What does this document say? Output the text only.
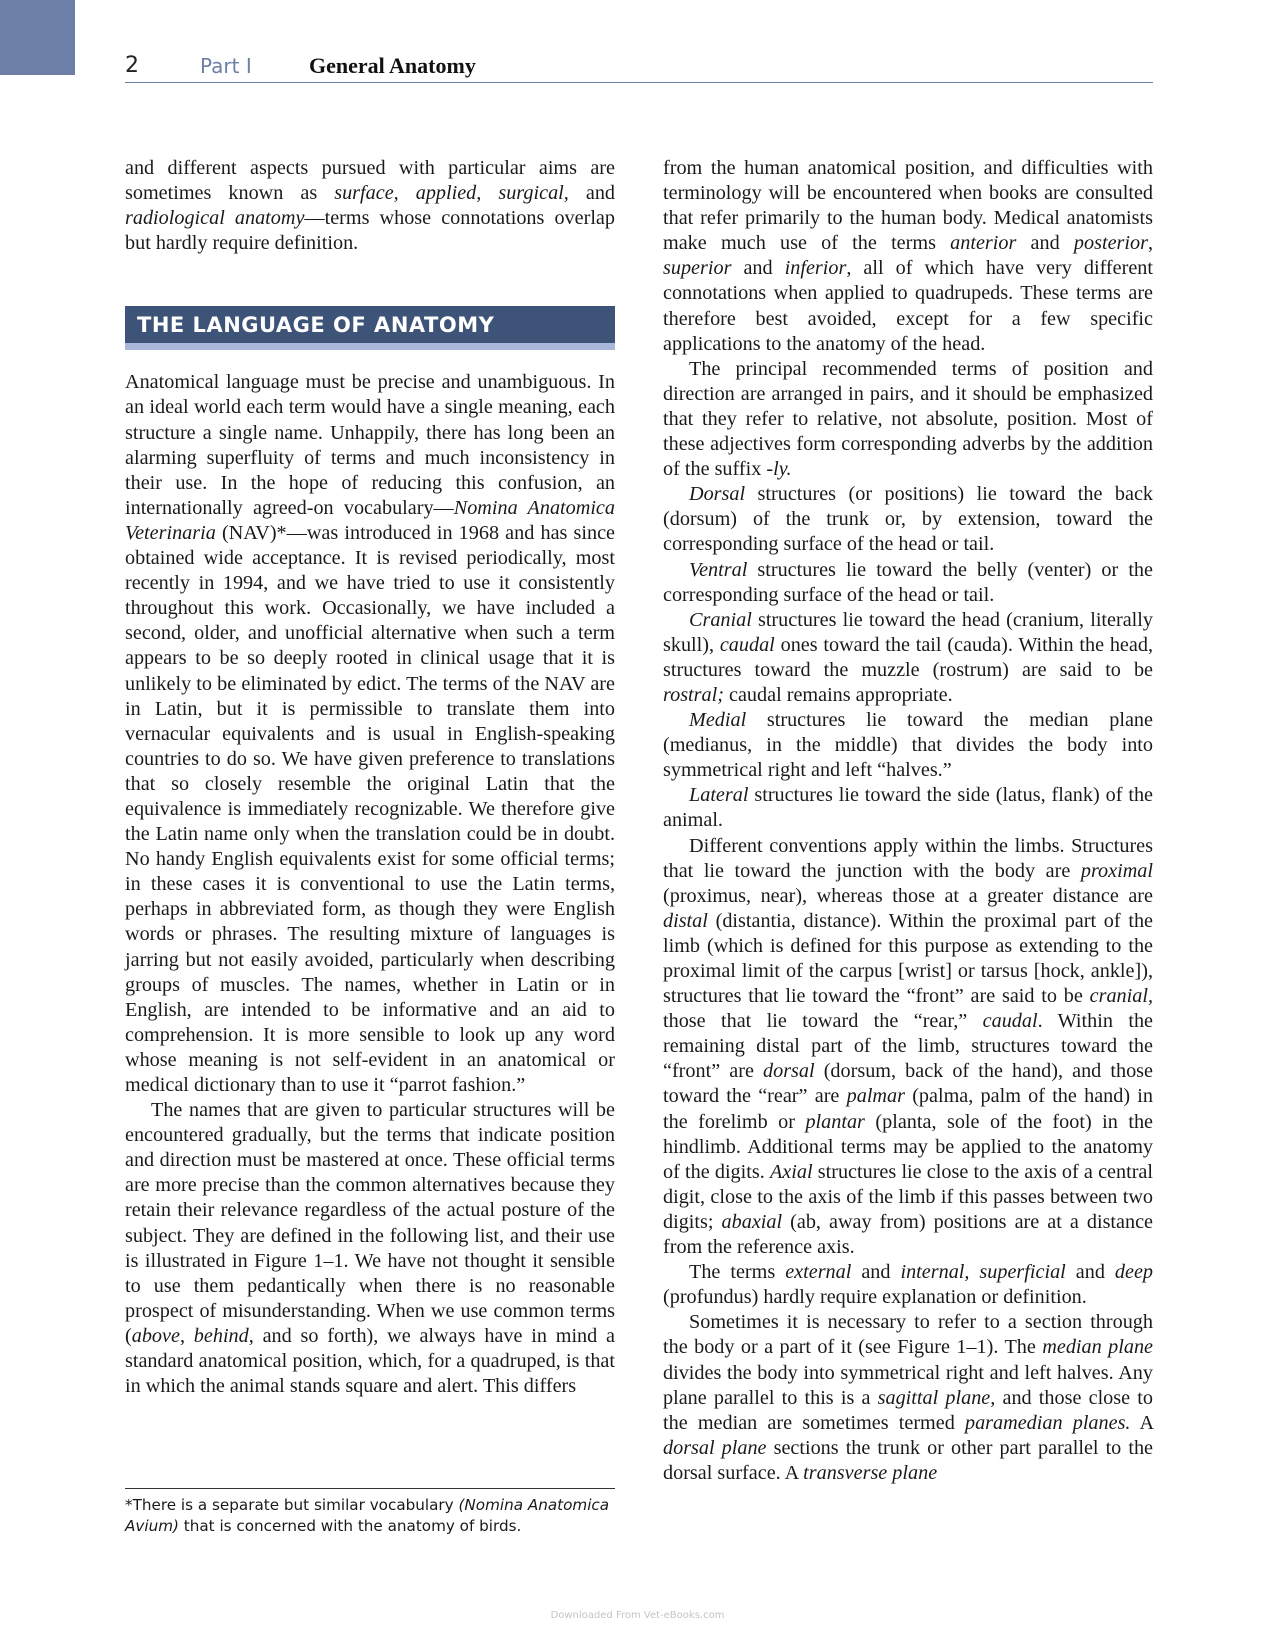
2	Part I	General Anatomy

and different aspects pursued with particular aims are sometimes known as surface, applied, surgical, and radiological anatomy—terms whose connotations overlap but hardly require definition.

THE LANGUAGE OF ANATOMY

Anatomical language must be precise and unambiguous. In an ideal world each term would have a single meaning, each structure a single name. Unhappily, there has long been an alarming superfluity of terms and much inconsistency in their use. In the hope of reducing this confusion, an internationally agreed-on vocabulary—Nomina Anatomica Veterinaria (NAV)*—was introduced in 1968 and has since obtained wide acceptance. It is revised periodically, most recently in 1994, and we have tried to use it consistently throughout this work. Occasionally, we have included a second, older, and unofficial alternative when such a term appears to be so deeply rooted in clinical usage that it is unlikely to be eliminated by edict. The terms of the NAV are in Latin, but it is permissible to translate them into vernacular equivalents and is usual in English-speaking countries to do so. We have given preference to translations that so closely resemble the original Latin that the equivalence is immediately recognizable. We therefore give the Latin name only when the translation could be in doubt. No handy English equivalents exist for some official terms; in these cases it is conventional to use the Latin terms, perhaps in abbreviated form, as though they were English words or phrases. The resulting mixture of languages is jarring but not easily avoided, particularly when describing groups of muscles. The names, whether in Latin or in English, are intended to be informative and an aid to comprehension. It is more sensible to look up any word whose meaning is not self-evident in an anatomical or medical dictionary than to use it “parrot fashion.”

The names that are given to particular structures will be encountered gradually, but the terms that indicate position and direction must be mastered at once. These official terms are more precise than the common alternatives because they retain their relevance regardless of the actual posture of the subject. They are defined in the following list, and their use is illustrated in Figure 1–1. We have not thought it sensible to use them pedantically when there is no reasonable prospect of misunderstanding. When we use common terms (above, behind, and so forth), we always have in mind a standard anatomical position, which, for a quadruped, is that in which the animal stands square and alert. This differs

from the human anatomical position, and difficulties with terminology will be encountered when books are consulted that refer primarily to the human body. Medical anatomists make much use of the terms anterior and posterior, superior and inferior, all of which have very different connotations when applied to quadrupeds. These terms are therefore best avoided, except for a few specific applications to the anatomy of the head.

The principal recommended terms of position and direction are arranged in pairs, and it should be emphasized that they refer to relative, not absolute, position. Most of these adjectives form corresponding adverbs by the addition of the suffix -ly.

Dorsal structures (or positions) lie toward the back (dorsum) of the trunk or, by extension, toward the corresponding surface of the head or tail.

Ventral structures lie toward the belly (venter) or the corresponding surface of the head or tail.

Cranial structures lie toward the head (cranium, literally skull), caudal ones toward the tail (cauda). Within the head, structures toward the muzzle (rostrum) are said to be rostral; caudal remains appropriate.

Medial structures lie toward the median plane (medianus, in the middle) that divides the body into symmetrical right and left “halves.”

Lateral structures lie toward the side (latus, flank) of the animal.

Different conventions apply within the limbs. Structures that lie toward the junction with the body are proximal (proximus, near), whereas those at a greater distance are distal (distantia, distance). Within the proximal part of the limb (which is defined for this purpose as extending to the proximal limit of the carpus [wrist] or tarsus [hock, ankle]), structures that lie toward the “front” are said to be cranial, those that lie toward the “rear,” caudal. Within the remaining distal part of the limb, structures toward the “front” are dorsal (dorsum, back of the hand), and those toward the “rear” are palmar (palma, palm of the hand) in the forelimb or plantar (planta, sole of the foot) in the hindlimb. Additional terms may be applied to the anatomy of the digits. Axial structures lie close to the axis of a central digit, close to the axis of the limb if this passes between two digits; abaxial (ab, away from) positions are at a distance from the reference axis.

The terms external and internal, superficial and deep (profundus) hardly require explanation or definition.

Sometimes it is necessary to refer to a section through the body or a part of it (see Figure 1–1). The median plane divides the body into symmetrical right and left halves. Any plane parallel to this is a sagittal plane, and those close to the median are sometimes termed paramedian planes. A dorsal plane sections the trunk or other part parallel to the dorsal surface. A transverse plane

*There is a separate but similar vocabulary (Nomina Anatomica Avium) that is concerned with the anatomy of birds.
Downloaded From Vet-eBooks.com
